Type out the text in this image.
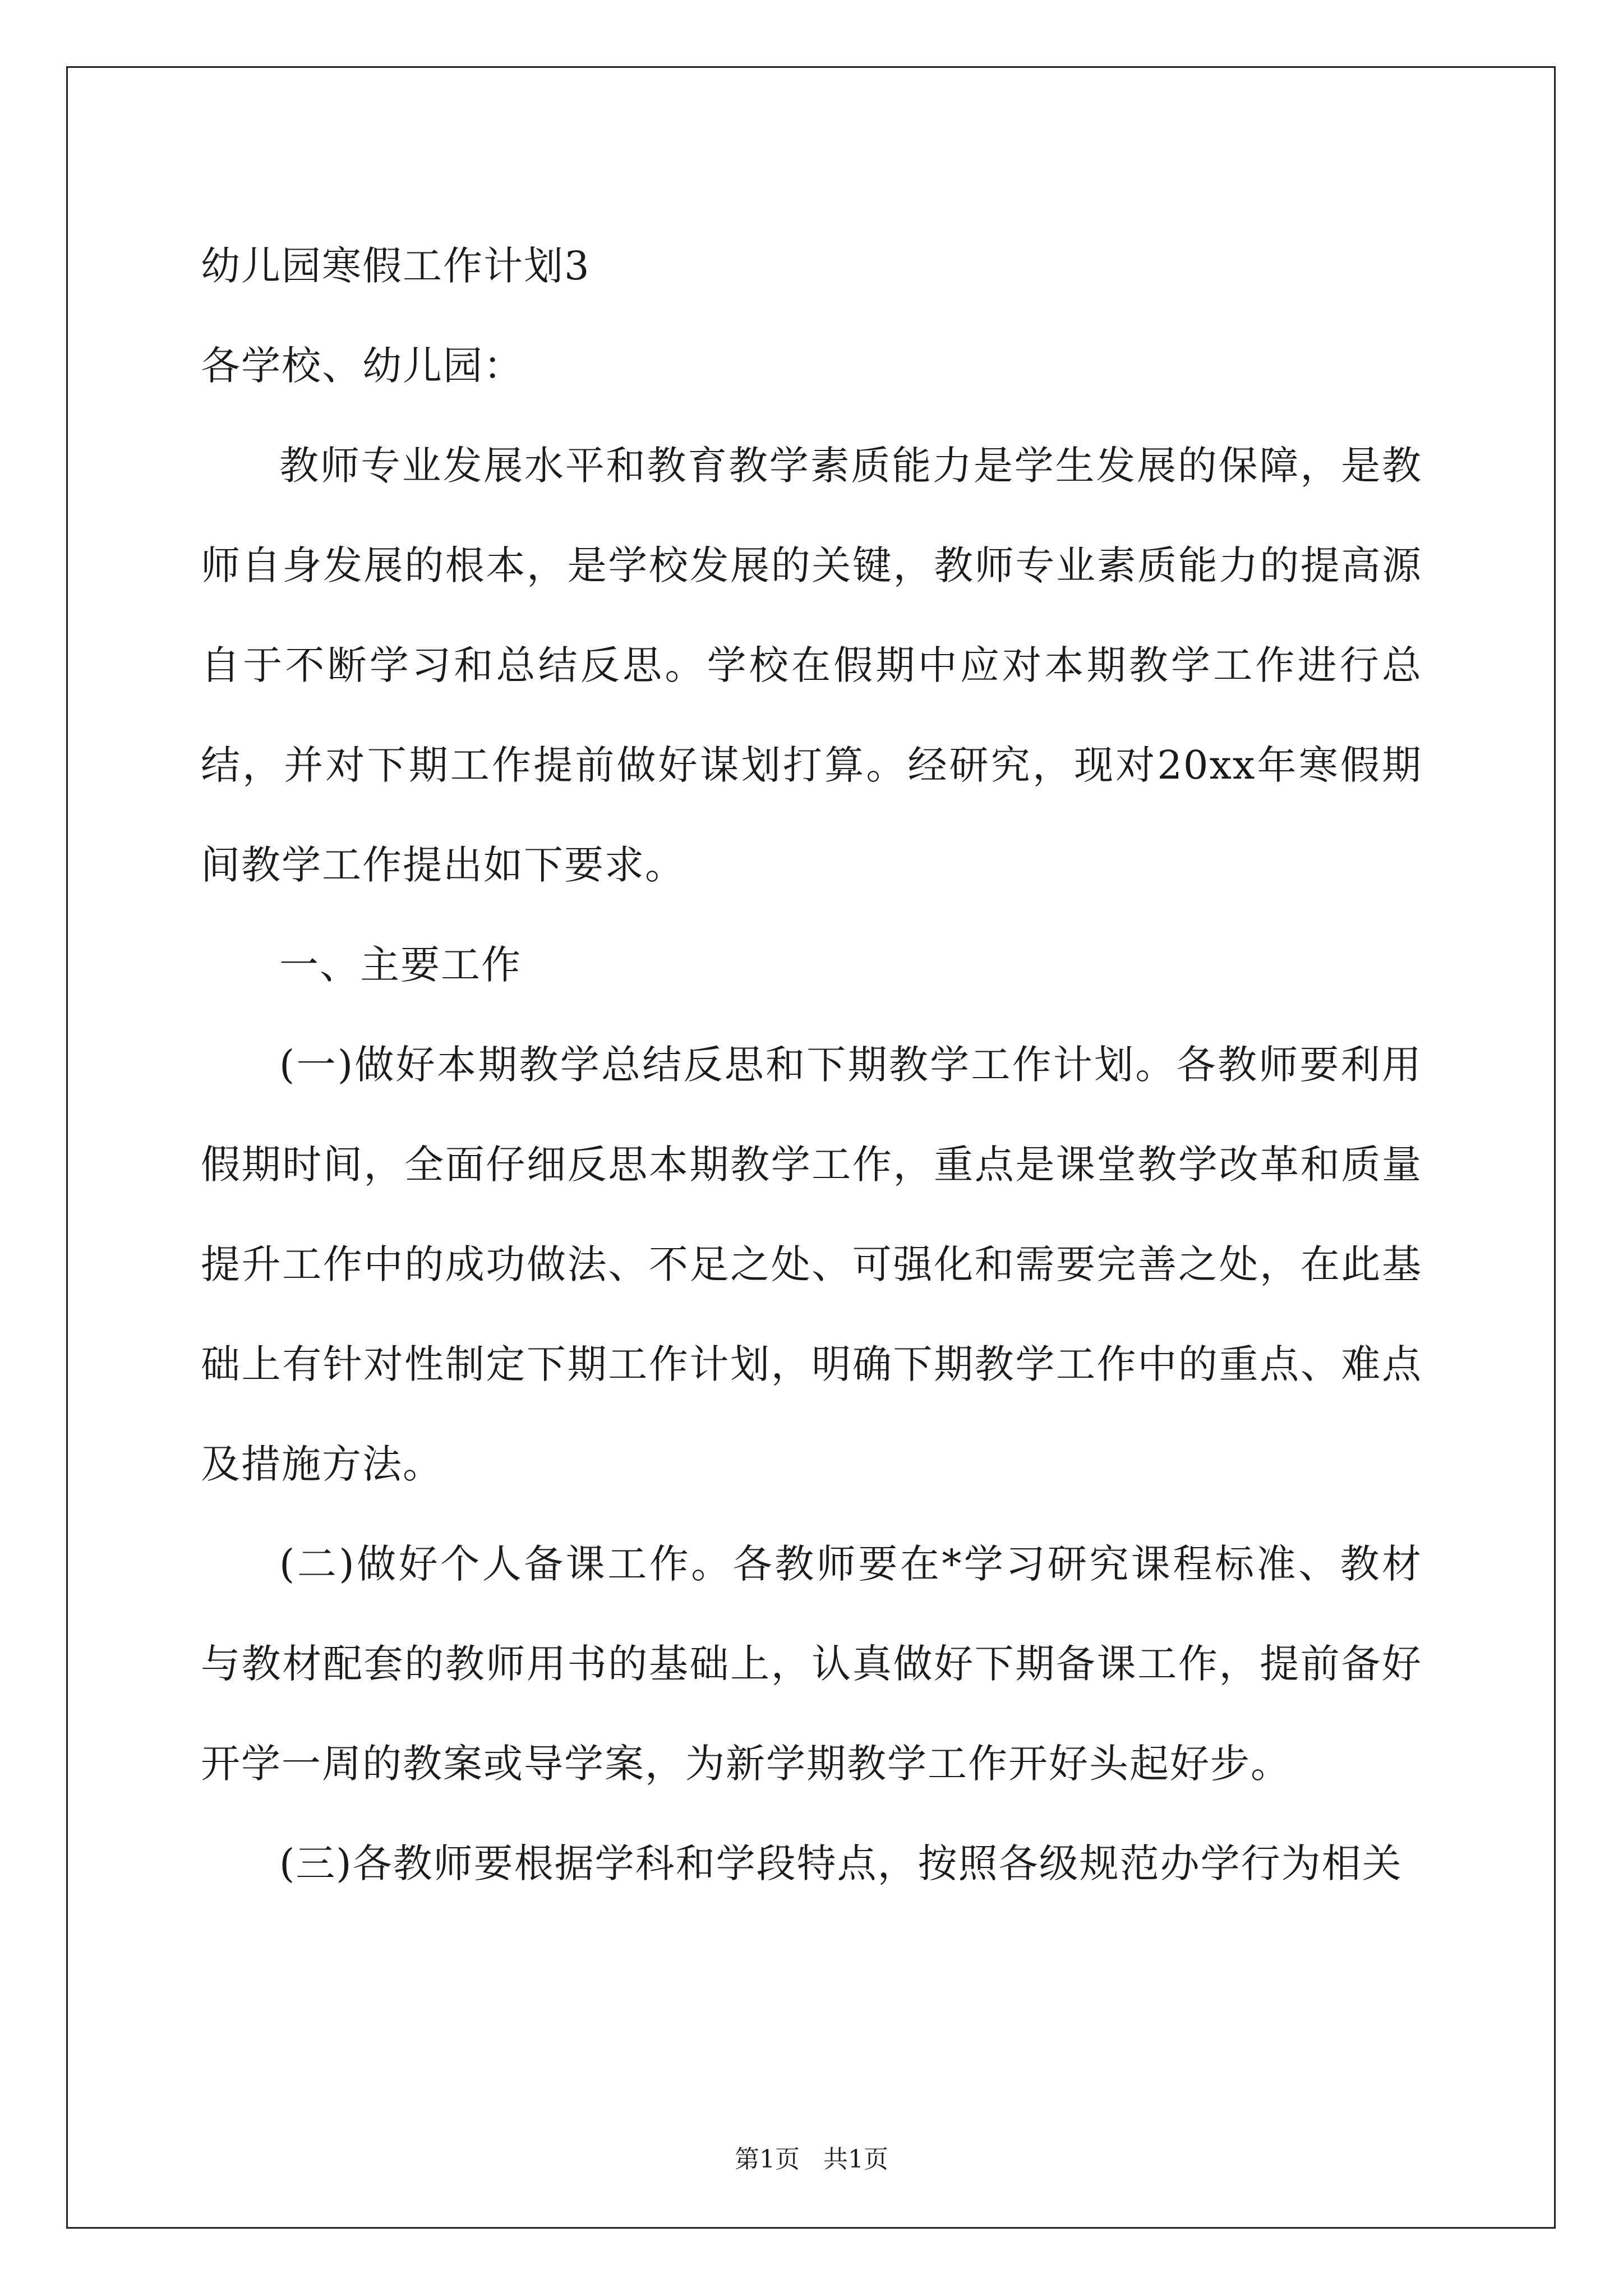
幼儿园寒假工作计划3
各学校、幼儿园：

教师专业发展水平和教育教学素质能力是学生发展的保障，是教师自身发展的根本，是学校发展的关键，教师专业素质能力的提高源自于不断学习和总结反思。学校在假期中应对本期教学工作进行总结，并对下期工作提前做好谋划打算。经研究，现对20xx年寒假期间教学工作提出如下要求。

一、主要工作

(一)做好本期教学总结反思和下期教学工作计划。各教师要利用假期时间，全面仔细反思本期教学工作，重点是课堂教学改革和质量提升工作中的成功做法、不足之处、可强化和需要完善之处，在此基础上有针对性制定下期工作计划，明确下期教学工作中的重点、难点及措施方法。

(二)做好个人备课工作。各教师要在*学习研究课程标准、教材与教材配套的教师用书的基础上，认真做好下期备课工作，提前备好开学一周的教案或导学案，为新学期教学工作开好头起好步。

(三)各教师要根据学科和学段特点，按照各级规范办学行为相关

第1页   共1页
